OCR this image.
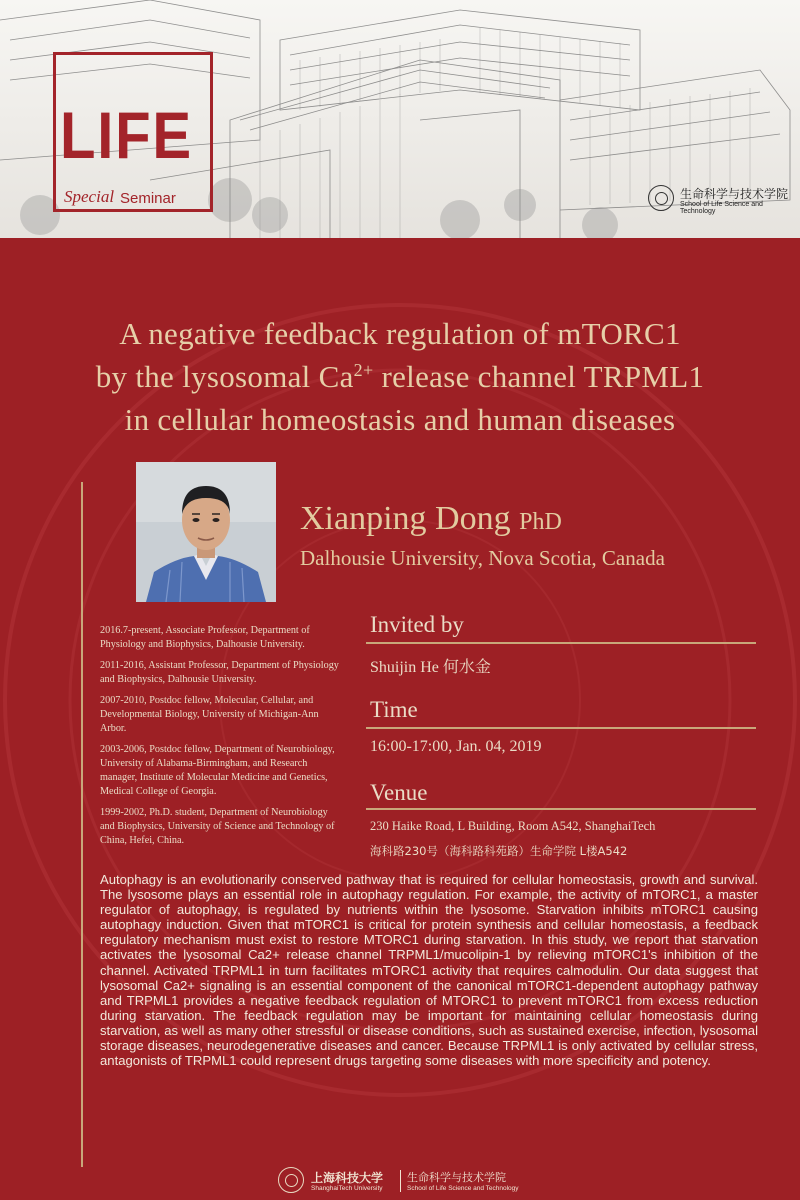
LIFE
Special Seminar	生命科学与技术学院
School of Life Science and Technology
A negative feedback regulation of mTORC1
by the lysosomal $Ca^{2+}$ release channel TRPML1
in cellular homeostasis and human diseases
Xianping Dong PhD
Dalhousie University, Nova Scotia, Canada

2016.7-present, Associate Professor, Department of Physiology and Biophysics, Dalhousie University.

2011-2016, Assistant Professor, Department of Physiology and Biophysics, Dalhousie University.

2007-2010, Postdoc fellow, Molecular, Cellular, and Developmental Biology, University of Michigan-Ann Arbor.

2003-2006, Postdoc fellow, Department of Neurobiology, University of Alabama-Birmingham, and Research manager, Institute of Molecular Medicine and Genetics, Medical College of Georgia.

1999-2002, Ph.D. student, Department of Neurobiology and Biophysics, University of Science and Technology of China, Hefei, China.

Invited by
Shuijin He 何水金
Time
16:00-17:00, Jan. 04, 2019
Venue
230 Haike Road, L Building, Room A542, ShanghaiTech
海科路230号（海科路科苑路）生命学院 L楼A542
Autophagy is an evolutionarily conserved pathway that is required for cellular homeostasis, growth and survival. The lysosome plays an essential role in autophagy regulation. For example, the activity of mTORC1, a master regulator of autophagy, is regulated by nutrients within the lysosome. Starvation inhibits mTORC1 causing autophagy induction. Given that mTORC1 is critical for protein synthesis and cellular homeostasis, a feedback regulatory mechanism must exist to restore MTORC1 during starvation. In this study, we report that starvation activates the lysosomal Ca2+ release channel TRPML1/mucolipin-1 by relieving mTORC1's inhibition of the channel. Activated TRPML1 in turn facilitates mTORC1 activity that requires calmodulin. Our data suggest that lysosomal Ca2+ signaling is an essential component of the canonical mTORC1-dependent autophagy pathway and TRPML1 provides a negative feedback regulation of MTORC1 to prevent mTORC1 from excess reduction during starvation. The feedback regulation may be important for maintaining cellular homeostasis during starvation, as well as many other stressful or disease conditions, such as sustained exercise, infection, lysosomal storage diseases, neurodegenerative diseases and cancer. Because TRPML1 is only activated by cellular stress, antagonists of TRPML1 could represent drugs targeting some diseases with more specificity and potency.
上海科技大学
ShanghaiTech University
生命科学与技术学院
School of Life Science and Technology
